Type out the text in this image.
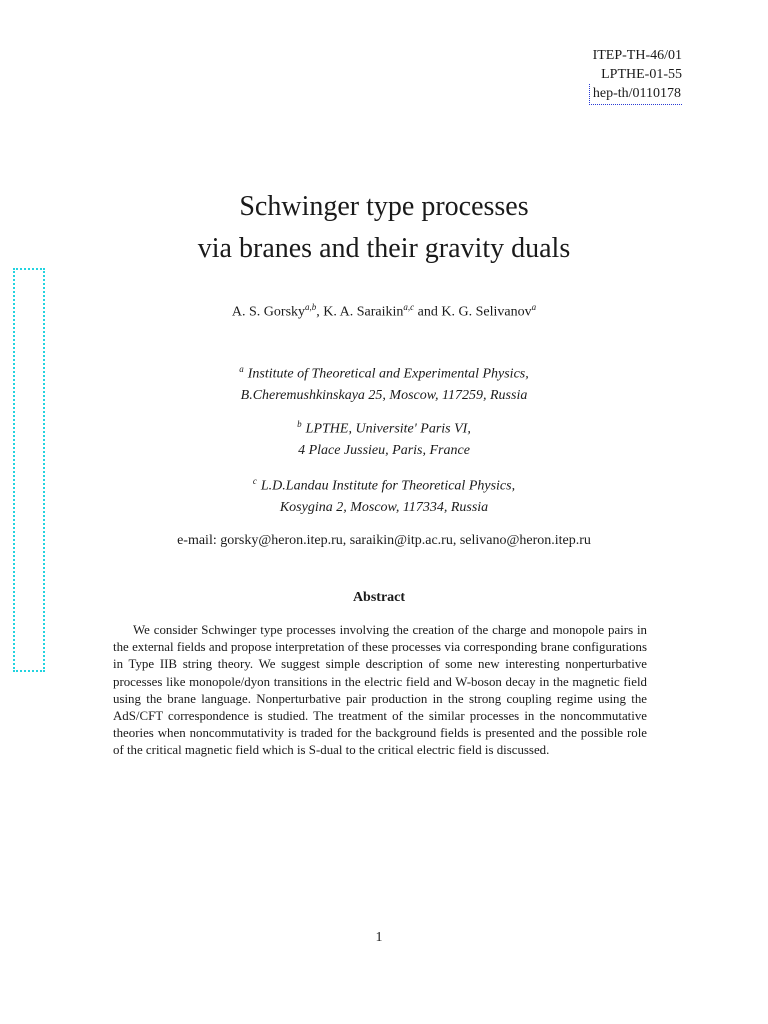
ITEP-TH-46/01
LPTHE-01-55
hep-th/0110178
Schwinger type processes
via branes and their gravity duals
A. S. Gorsky$^{a,b}$, K. A. Saraikin$^{a,c}$ and K. G. Selivanov$^a$
$^a$ Institute of Theoretical and Experimental Physics,
B.Cheremushkinskaya 25, Moscow, 117259, Russia
$^b$ LPTHE, Universite' Paris VI,
4 Place Jussieu, Paris, France
$^c$ L.D.Landau Institute for Theoretical Physics,
Kosygina 2, Moscow, 117334, Russia
e-mail: gorsky@heron.itep.ru, saraikin@itp.ac.ru, selivano@heron.itep.ru
Abstract

We consider Schwinger type processes involving the creation of the charge and monopole pairs in the external fields and propose interpretation of these processes via corresponding brane configurations in Type IIB string theory. We suggest simple description of some new interesting nonperturbative processes like monopole/dyon transitions in the electric field and W-boson decay in the magnetic field using the brane language. Nonperturbative pair production in the strong coupling regime using the AdS/CFT correspondence is studied. The treatment of the similar processes in the noncommutative theories when noncommutativity is traded for the background fields is presented and the possible role of the critical magnetic field which is S-dual to the critical electric field is discussed.

1
